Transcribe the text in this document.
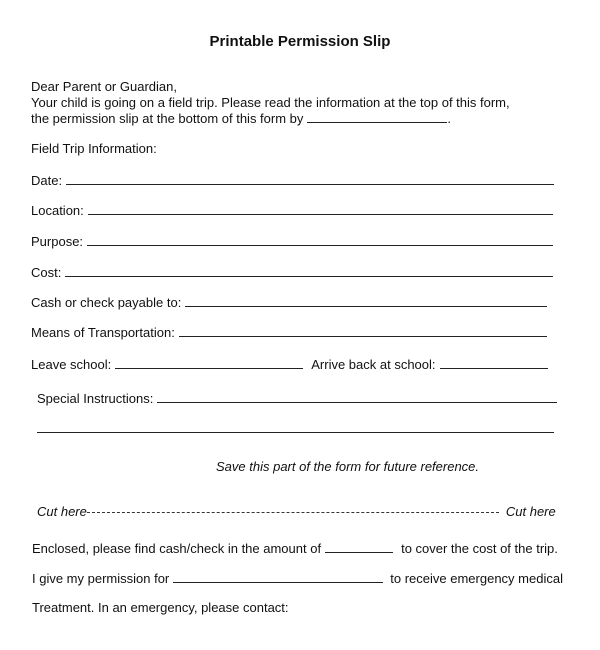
Printable Permission Slip
Dear Parent or Guardian,
Your child is going on a field trip. Please read the information at the top of this form,
the permission slip at the bottom of this form by	.
Field Trip Information:
Date:
Location:
Purpose:
Cost:
Cash or check payable to:
Means of Transportation:
Leave school:	Arrive back at school:
Special Instructions:
Save this part of the form for future reference.
Cut here	Cut here
Enclosed, please find cash/check in the amount of	to cover the cost of the trip.
I give my permission for	to receive emergency medical
Treatment. In an emergency, please contact:
